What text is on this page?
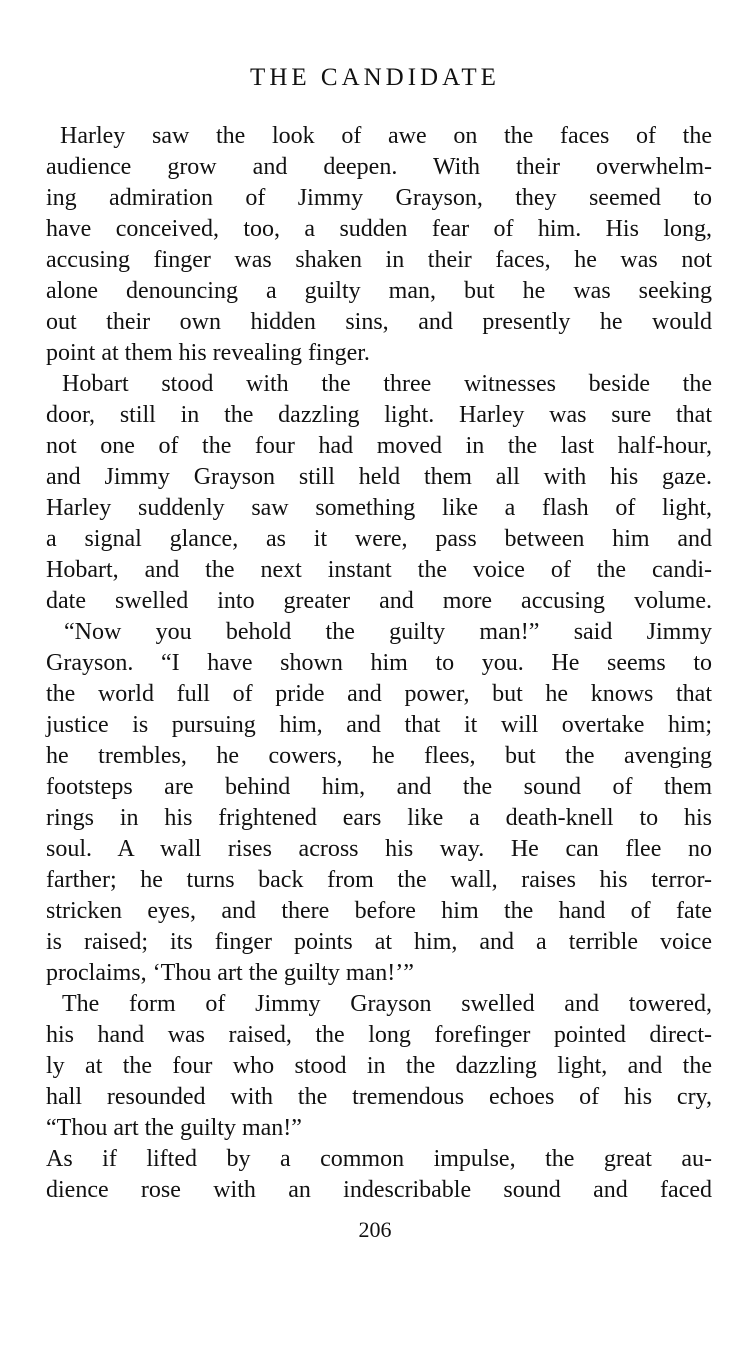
THE CANDIDATE
Harley saw the look of awe on the faces of the
audience grow and deepen. With their overwhelm-
ing admiration of Jimmy Grayson, they seemed to
have conceived, too, a sudden fear of him. His long,
accusing finger was shaken in their faces, he was not
alone denouncing a guilty man, but he was seeking
out their own hidden sins, and presently he would
point at them his revealing finger.
Hobart stood with the three witnesses beside the
door, still in the dazzling light. Harley was sure that
not one of the four had moved in the last half-hour,
and Jimmy Grayson still held them all with his gaze.
Harley suddenly saw something like a flash of light,
a signal glance, as it were, pass between him and
Hobart, and the next instant the voice of the candi-
date swelled into greater and more accusing volume.
“Now you behold the guilty man!” said Jimmy
Grayson. “I have shown him to you. He seems to
the world full of pride and power, but he knows that
justice is pursuing him, and that it will overtake him;
he trembles, he cowers, he flees, but the avenging
footsteps are behind him, and the sound of them
rings in his frightened ears like a death-knell to his
soul. A wall rises across his way. He can flee no
farther; he turns back from the wall, raises his terror-
stricken eyes, and there before him the hand of fate
is raised; its finger points at him, and a terrible voice
proclaims, ‘Thou art the guilty man!’”
The form of Jimmy Grayson swelled and towered,
his hand was raised, the long forefinger pointed direct-
ly at the four who stood in the dazzling light, and the
hall resounded with the tremendous echoes of his cry,
“Thou art the guilty man!”
As if lifted by a common impulse, the great au-
dience rose with an indescribable sound and faced
206
